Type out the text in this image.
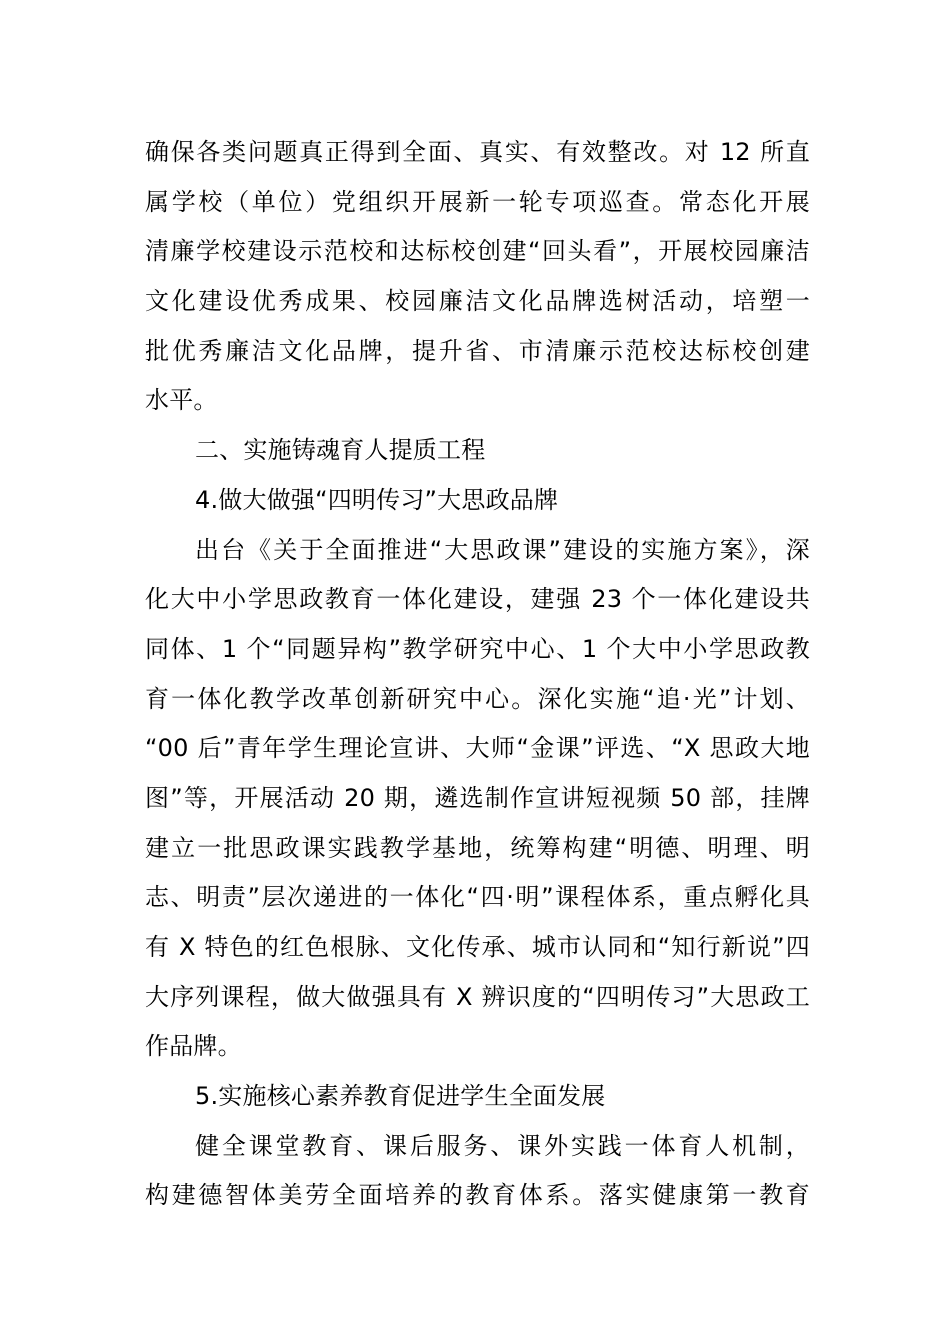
确保各类问题真正得到全面、真实、有效整改。对 12 所直
属学校（单位）党组织开展新一轮专项巡查。常态化开展
清廉学校建设示范校和达标校创建“回头看”，开展校园廉洁
文化建设优秀成果、校园廉洁文化品牌选树活动，培塑一
批优秀廉洁文化品牌，提升省、市清廉示范校达标校创建
水平。
二、实施铸魂育人提质工程
4.做大做强“四明传习”大思政品牌
出台《关于全面推进“大思政课”建设的实施方案》，深
化大中小学思政教育一体化建设，建强 23 个一体化建设共
同体、1 个“同题异构”教学研究中心、1 个大中小学思政教
育一体化教学改革创新研究中心。深化实施“追·光”计划、
“00 后”青年学生理论宣讲、大师“金课”评选、“X 思政大地
图”等，开展活动 20 期，遴选制作宣讲短视频 50 部，挂牌
建立一批思政课实践教学基地，统筹构建“明德、明理、明
志、明责”层次递进的一体化“四·明”课程体系，重点孵化具
有 X 特色的红色根脉、文化传承、城市认同和“知行新说”四
大序列课程，做大做强具有 X 辨识度的“四明传习”大思政工
作品牌。
5.实施核心素养教育促进学生全面发展
健全课堂教育、课后服务、课外实践一体育人机制，
构建德智体美劳全面培养的教育体系。落实健康第一教育
